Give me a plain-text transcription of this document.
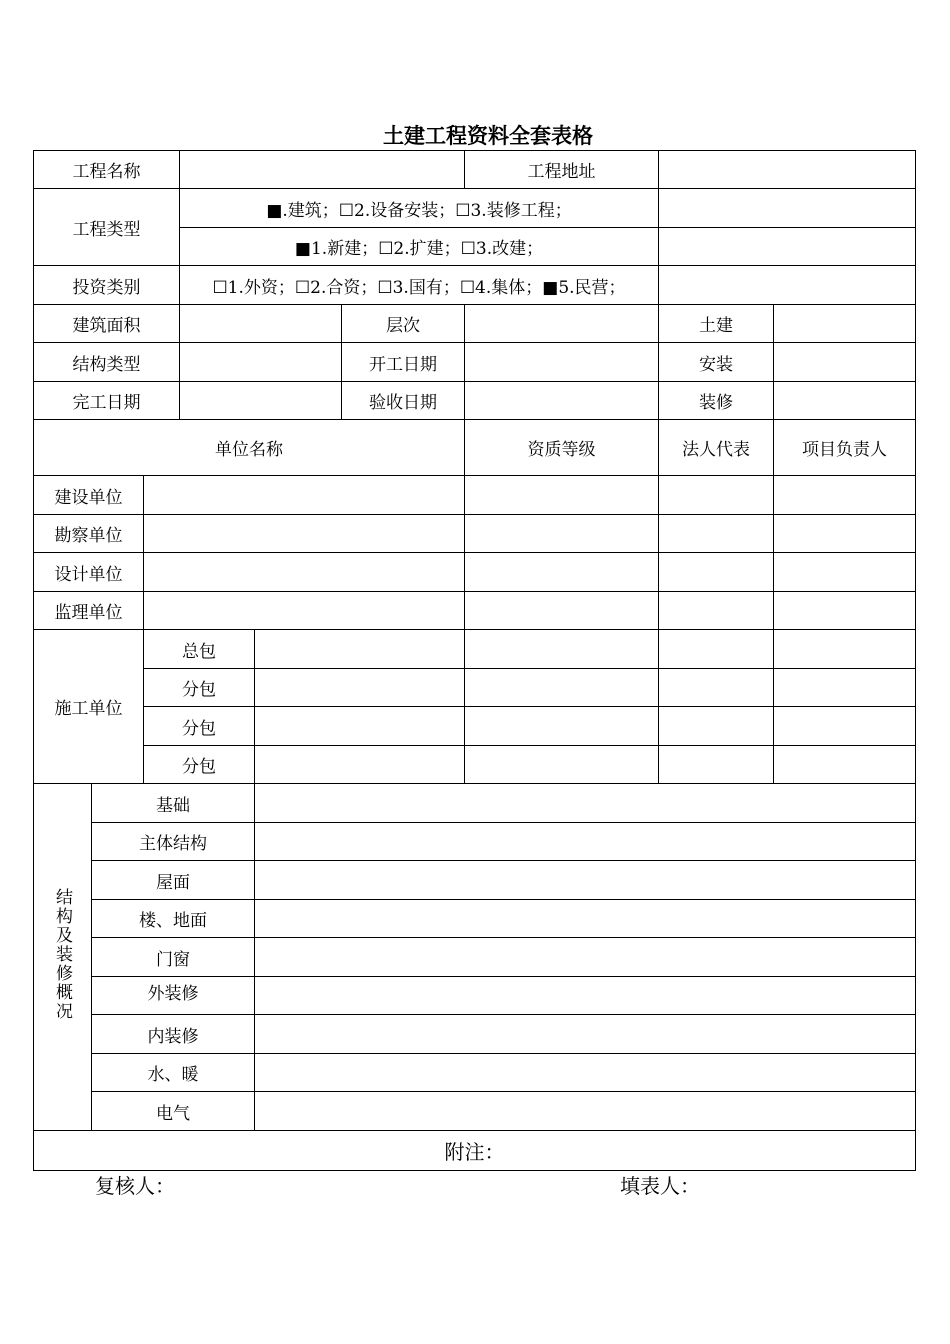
土建工程资料全套表格
工程名称						工程地址		
工程类型			■.建筑；☐2.设备安装；☐3.装修工程；					
			■1.新建；☐2.扩建；☐3.改建；					
投资类别			☐1.外资；☐2.合资；☐3.国有；☐4.集体；■5.民营；					
建筑面积					层次		土建	
结构类型					开工日期		安装	
完工日期					验收日期		装修	
单位名称						资质等级	法人代表	项目负责人
建设单位								
勘察单位								
设计单位								
监理单位								
施工单位		总包						
		分包						
		分包						
		分包						
结构及装修概况	基础							
	主体结构							
	屋面							
	楼、地面							
	门窗							
	外装修							
	内装修							
	水、暖							
	电气							
附注：								
复核人：	填表人：
